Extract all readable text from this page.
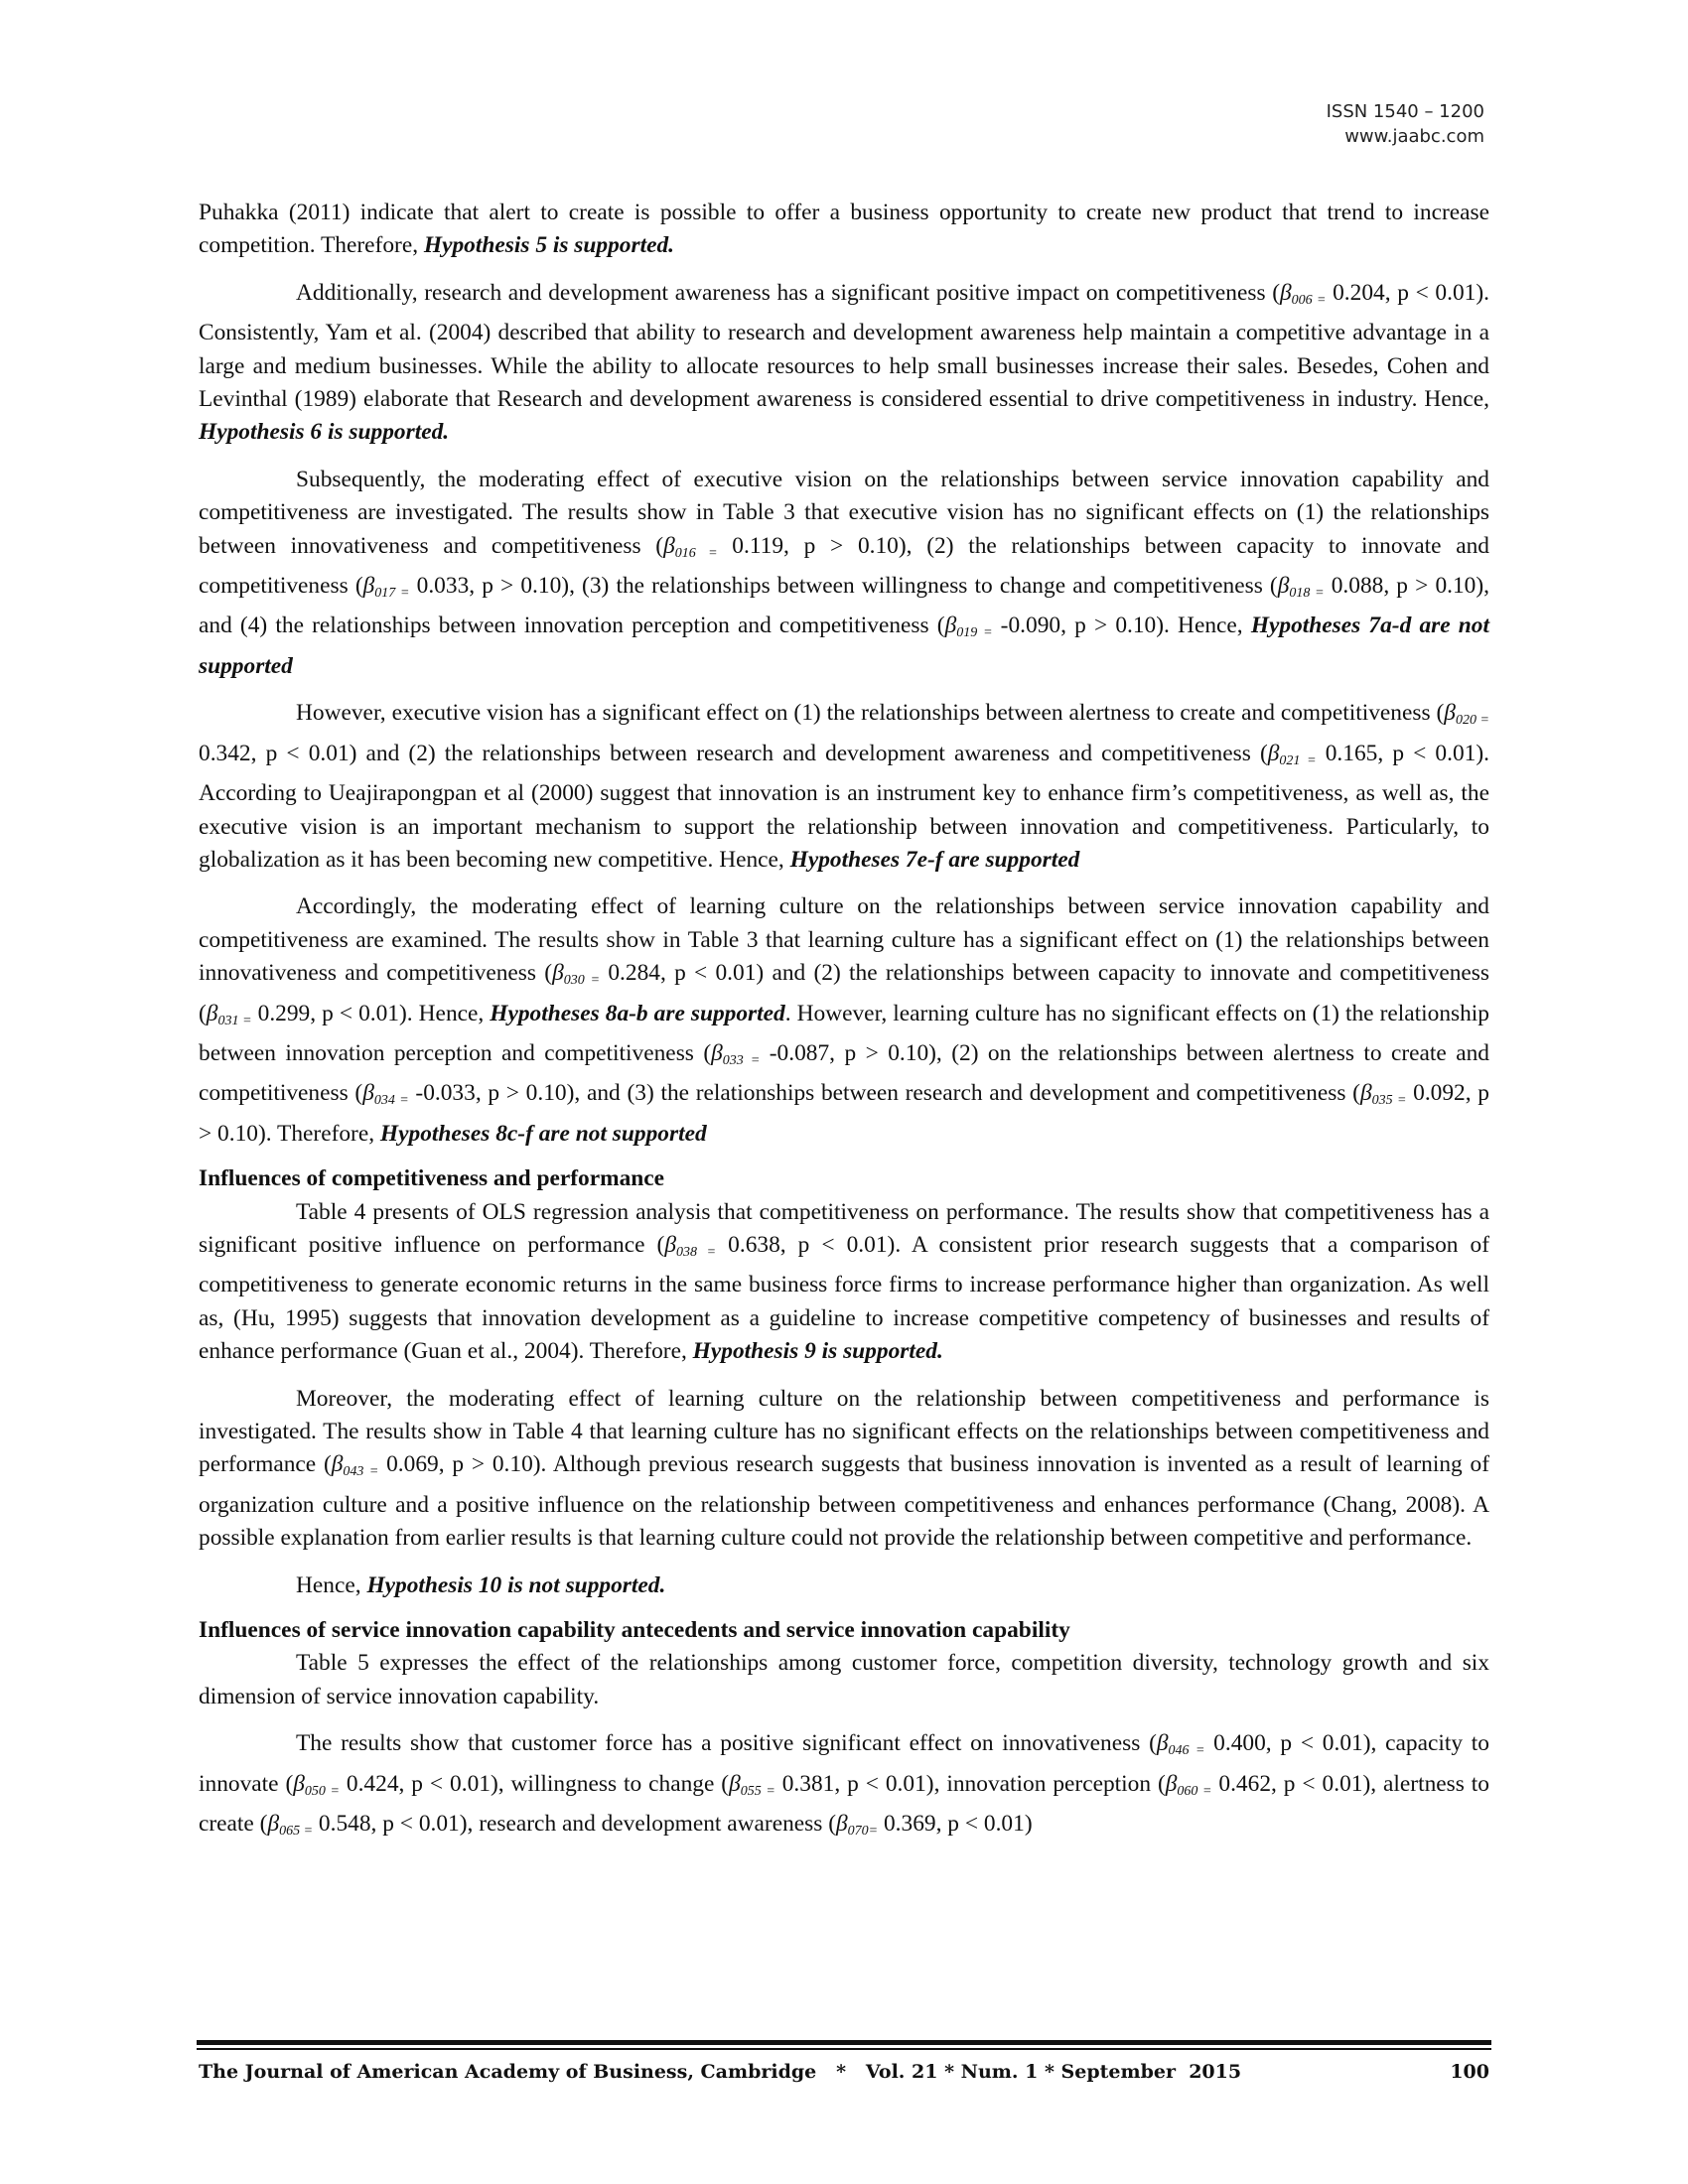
ISSN 1540 – 1200
www.jaabc.com

Puhakka (2011) indicate that alert to create is possible to offer a business opportunity to create new product that trend to increase competition. Therefore, Hypothesis 5 is supported.

Additionally, research and development awareness has a significant positive impact on competitiveness ($\beta_{006 =}$ 0.204, p < 0.01). Consistently, Yam et al. (2004) described that ability to research and development awareness help maintain a competitive advantage in a large and medium businesses. While the ability to allocate resources to help small businesses increase their sales. Besedes, Cohen and Levinthal (1989) elaborate that Research and development awareness is considered essential to drive competitiveness in industry. Hence, Hypothesis 6 is supported.

Subsequently, the moderating effect of executive vision on the relationships between service innovation capability and competitiveness are investigated. The results show in Table 3 that executive vision has no significant effects on (1) the relationships between innovativeness and competitiveness ($\beta_{016 =}$ 0.119, p > 0.10), (2) the relationships between capacity to innovate and competitiveness ($\beta_{017 =}$ 0.033, p > 0.10), (3) the relationships between willingness to change and competitiveness ($\beta_{018 =}$ 0.088, p > 0.10), and (4) the relationships between innovation perception and competitiveness ($\beta_{019 =}$ -0.090, p > 0.10). Hence, Hypotheses 7a-d are not supported

However, executive vision has a significant effect on (1) the relationships between alertness to create and competitiveness ($\beta_{020 =}$ 0.342, p < 0.01) and (2) the relationships between research and development awareness and competitiveness ($\beta_{021 =}$ 0.165, p < 0.01). According to Ueajirapongpan et al (2000) suggest that innovation is an instrument key to enhance firm’s competitiveness, as well as, the executive vision is an important mechanism to support the relationship between innovation and competitiveness. Particularly, to globalization as it has been becoming new competitive. Hence, Hypotheses 7e-f are supported

Accordingly, the moderating effect of learning culture on the relationships between service innovation capability and competitiveness are examined. The results show in Table 3 that learning culture has a significant effect on (1) the relationships between innovativeness and competitiveness ($\beta_{030 =}$ 0.284, p < 0.01) and (2) the relationships between capacity to innovate and competitiveness ($\beta_{031 =}$ 0.299, p < 0.01). Hence, Hypotheses 8a-b are supported. However, learning culture has no significant effects on (1) the relationship between innovation perception and competitiveness ($\beta_{033 =}$ -0.087, p > 0.10), (2) on the relationships between alertness to create and competitiveness ($\beta_{034 =}$ -0.033, p > 0.10), and (3) the relationships between research and development and competitiveness ($\beta_{035 =}$ 0.092, p > 0.10). Therefore, Hypotheses 8c-f are not supported

Influences of competitiveness and performance

Table 4 presents of OLS regression analysis that competitiveness on performance. The results show that competitiveness has a significant positive influence on performance ($\beta_{038 =}$ 0.638, p < 0.01). A consistent prior research suggests that a comparison of competitiveness to generate economic returns in the same business force firms to increase performance higher than organization. As well as, (Hu, 1995) suggests that innovation development as a guideline to increase competitive competency of businesses and results of enhance performance (Guan et al., 2004). Therefore, Hypothesis 9 is supported.

Moreover, the moderating effect of learning culture on the relationship between competitiveness and performance is investigated. The results show in Table 4 that learning culture has no significant effects on the relationships between competitiveness and performance ($\beta_{043 =}$ 0.069, p > 0.10). Although previous research suggests that business innovation is invented as a result of learning of organization culture and a positive influence on the relationship between competitiveness and enhances performance (Chang, 2008). A possible explanation from earlier results is that learning culture could not provide the relationship between competitive and performance.

Hence, Hypothesis 10 is not supported.

Influences of service innovation capability antecedents and service innovation capability

Table 5 expresses the effect of the relationships among customer force, competition diversity, technology growth and six dimension of service innovation capability.

The results show that customer force has a positive significant effect on innovativeness ($\beta_{046 =}$ 0.400, p < 0.01), capacity to innovate ($\beta_{050 =}$ 0.424, p < 0.01), willingness to change ($\beta_{055 =}$ 0.381, p < 0.01), innovation perception ($\beta_{060 =}$ 0.462, p < 0.01), alertness to create ($\beta_{065 =}$ 0.548, p < 0.01), research and development awareness ($\beta_{070=}$ 0.369, p < 0.01)

The Journal of American Academy of Business, Cambridge   *   Vol. 21 * Num. 1 * September  2015	100
